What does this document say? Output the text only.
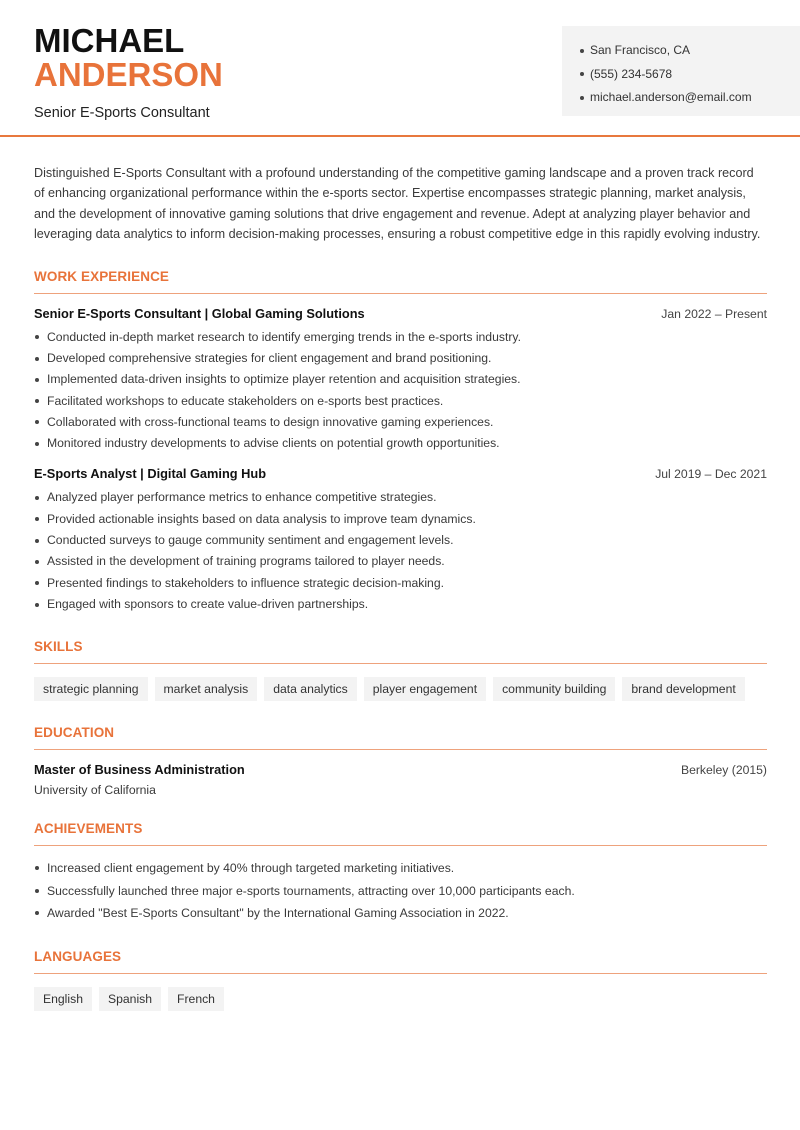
MICHAEL
ANDERSON
Senior E-Sports Consultant
San Francisco, CA
(555) 234-5678
michael.anderson@email.com

Distinguished E-Sports Consultant with a profound understanding of the competitive gaming landscape and a proven track record of enhancing organizational performance within the e-sports sector. Expertise encompasses strategic planning, market analysis, and the development of innovative gaming solutions that drive engagement and revenue. Adept at analyzing player behavior and leveraging data analytics to inform decision-making processes, ensuring a robust competitive edge in this rapidly evolving industry.

WORK EXPERIENCE
Senior E-Sports Consultant | Global Gaming Solutions	Jan 2022 – Present
Conducted in-depth market research to identify emerging trends in the e-sports industry.
Developed comprehensive strategies for client engagement and brand positioning.
Implemented data-driven insights to optimize player retention and acquisition strategies.
Facilitated workshops to educate stakeholders on e-sports best practices.
Collaborated with cross-functional teams to design innovative gaming experiences.
Monitored industry developments to advise clients on potential growth opportunities.
E-Sports Analyst | Digital Gaming Hub	Jul 2019 – Dec 2021
Analyzed player performance metrics to enhance competitive strategies.
Provided actionable insights based on data analysis to improve team dynamics.
Conducted surveys to gauge community sentiment and engagement levels.
Assisted in the development of training programs tailored to player needs.
Presented findings to stakeholders to influence strategic decision-making.
Engaged with sponsors to create value-driven partnerships.
SKILLS
strategic planning	market analysis	data analytics	player engagement	community building	brand development
EDUCATION
Master of Business Administration	Berkeley (2015)
University of California
ACHIEVEMENTS
Increased client engagement by 40% through targeted marketing initiatives.
Successfully launched three major e-sports tournaments, attracting over 10,000 participants each.
Awarded "Best E-Sports Consultant" by the International Gaming Association in 2022.
LANGUAGES
English	Spanish	French
